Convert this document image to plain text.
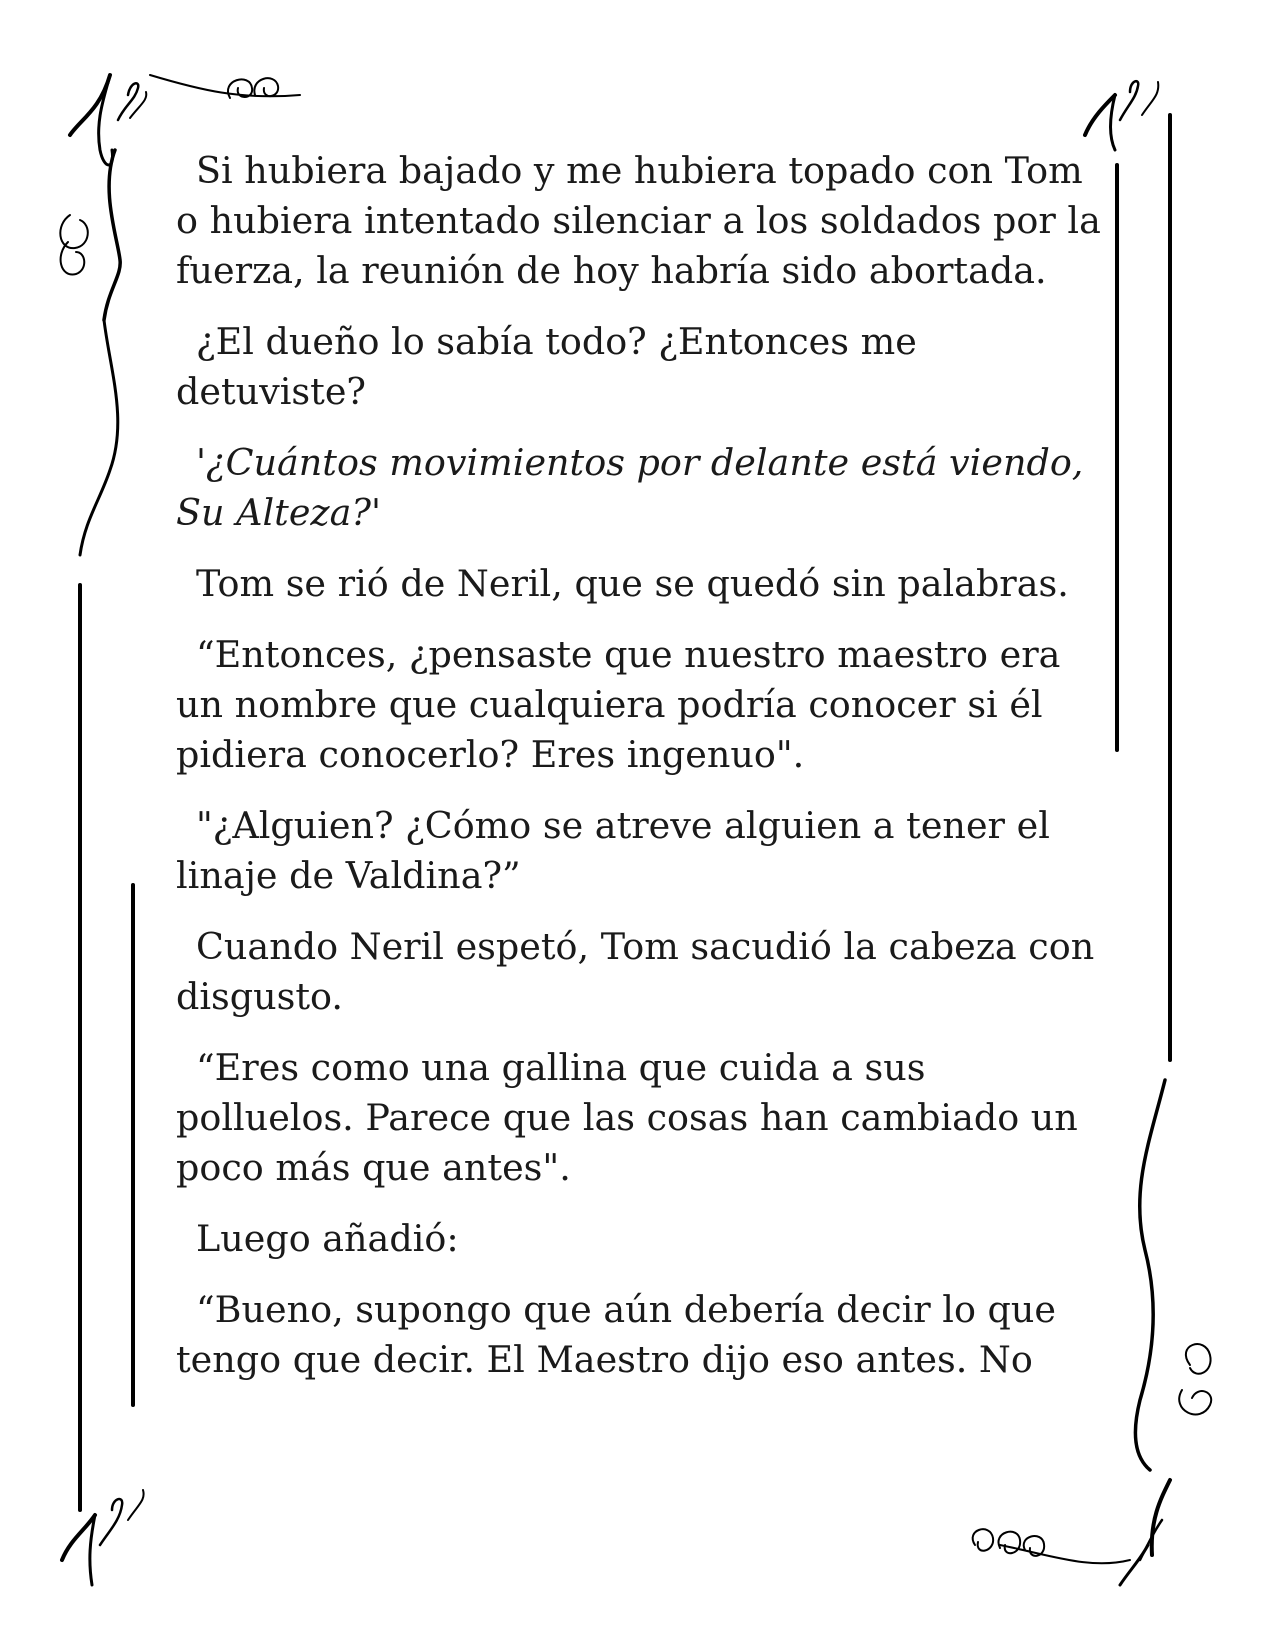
Si hubiera bajado y me hubiera topado con Tom o hubiera intentado silenciar a los soldados por la fuerza, la reunión de hoy habría sido abortada.

¿El dueño lo sabía todo? ¿Entonces me detuviste?

'¿Cuántos movimientos por delante está viendo, Su Alteza?'

Tom se rió de Neril, que se quedó sin palabras.

“Entonces, ¿pensaste que nuestro maestro era un nombre que cualquiera podría conocer si él pidiera conocerlo? Eres ingenuo".

"¿Alguien? ¿Cómo se atreve alguien a tener el linaje de Valdina?”

Cuando Neril espetó, Tom sacudió la cabeza con disgusto.

“Eres como una gallina que cuida a sus polluelos. Parece que las cosas han cambiado un poco más que antes".

Luego añadió:

“Bueno, supongo que aún debería decir lo que tengo que decir. El Maestro dijo eso antes. No
